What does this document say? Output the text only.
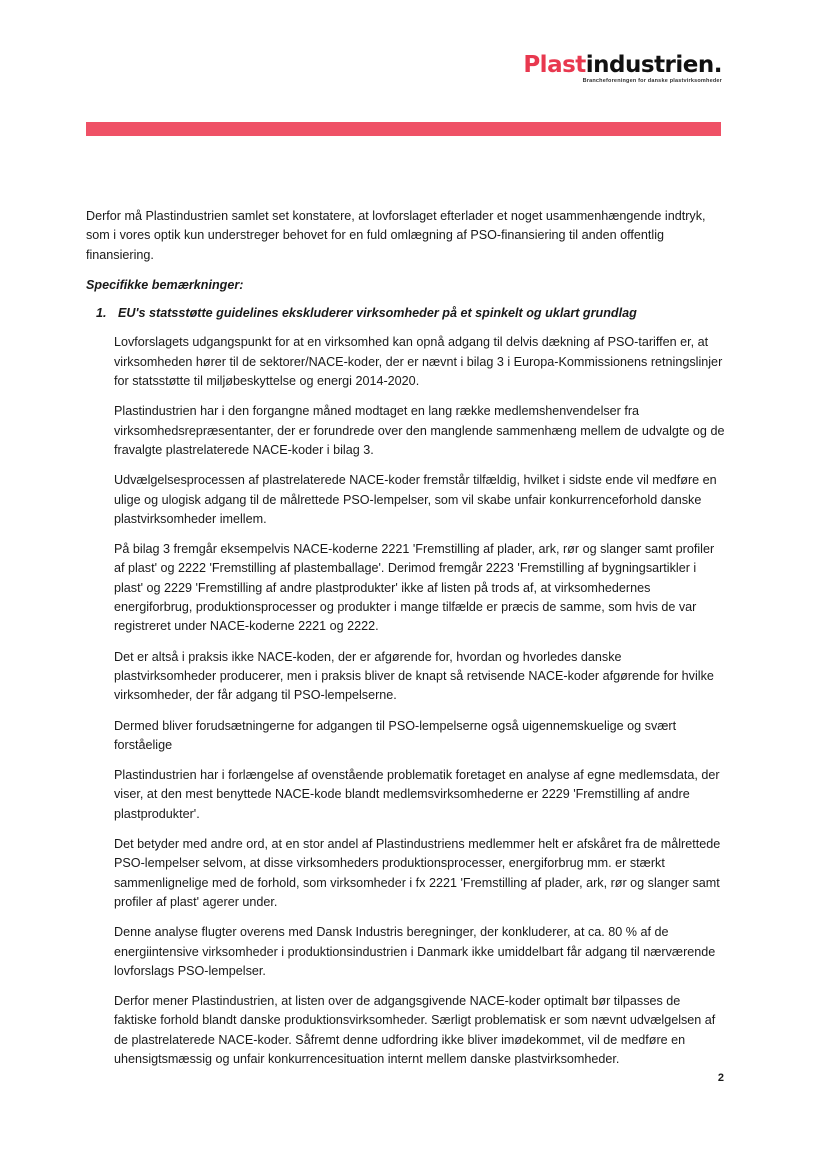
Plastindustrien.
Brancheforeningen for danske plastvirksomheder

Derfor må Plastindustrien samlet set konstatere, at lovforslaget efterlader et noget usammenhængende indtryk, som i vores optik kun understreger behovet for en fuld omlægning af PSO-finansiering til anden offentlig finansiering.

Specifikke bemærkninger:

1. EU's statsstøtte guidelines ekskluderer virksomheder på et spinkelt og uklart grundlag

Lovforslagets udgangspunkt for at en virksomhed kan opnå adgang til delvis dækning af PSO-tariffen er, at virksomheden hører til de sektorer/NACE-koder, der er nævnt i bilag 3 i Europa-Kommissionens retningslinjer for statsstøtte til miljøbeskyttelse og energi 2014-2020.

Plastindustrien har i den forgangne måned modtaget en lang række medlemshenvendelser fra virksomhedsrepræsentanter, der er forundrede over den manglende sammenhæng mellem de udvalgte og de fravalgte plastrelaterede NACE-koder i bilag 3.

Udvælgelsesprocessen af plastrelaterede NACE-koder fremstår tilfældig, hvilket i sidste ende vil medføre en ulige og ulogisk adgang til de målrettede PSO-lempelser, som vil skabe unfair konkurrenceforhold danske plastvirksomheder imellem.

På bilag 3 fremgår eksempelvis NACE-koderne 2221 'Fremstilling af plader, ark, rør og slanger samt profiler af plast' og 2222 'Fremstilling af plastemballage'. Derimod fremgår 2223 'Fremstilling af bygningsartikler i plast' og 2229 'Fremstilling af andre plastprodukter' ikke af listen på trods af, at virksomhedernes energiforbrug, produktionsprocesser og produkter i mange tilfælde er præcis de samme, som hvis de var registreret under NACE-koderne 2221 og 2222.

Det er altså i praksis ikke NACE-koden, der er afgørende for, hvordan og hvorledes danske plastvirksomheder producerer, men i praksis bliver de knapt så retvisende NACE-koder afgørende for hvilke virksomheder, der får adgang til PSO-lempelserne.

Dermed bliver forudsætningerne for adgangen til PSO-lempelserne også uigennemskuelige og svært forståelige

Plastindustrien har i forlængelse af ovenstående problematik foretaget en analyse af egne medlemsdata, der viser, at den mest benyttede NACE-kode blandt medlemsvirksomhederne er 2229 'Fremstilling af andre plastprodukter'.

Det betyder med andre ord, at en stor andel af Plastindustriens medlemmer helt er afskåret fra de målrettede PSO-lempelser selvom, at disse virksomheders produktionsprocesser, energiforbrug mm. er stærkt sammenlignelige med de forhold, som virksomheder i fx 2221 'Fremstilling af plader, ark, rør og slanger samt profiler af plast' agerer under.

Denne analyse flugter overens med Dansk Industris beregninger, der konkluderer, at ca. 80 % af de energiintensive virksomheder i produktionsindustrien i Danmark ikke umiddelbart får adgang til nærværende lovforslags PSO-lempelser.

Derfor mener Plastindustrien, at listen over de adgangsgivende NACE-koder optimalt bør tilpasses de faktiske forhold blandt danske produktionsvirksomheder. Særligt problematisk er som nævnt udvælgelsen af de plastrelaterede NACE-koder. Såfremt denne udfordring ikke bliver imødekommet, vil de medføre en uhensigtsmæssig og unfair konkurrencesituation internt mellem danske plastvirksomheder.

2
